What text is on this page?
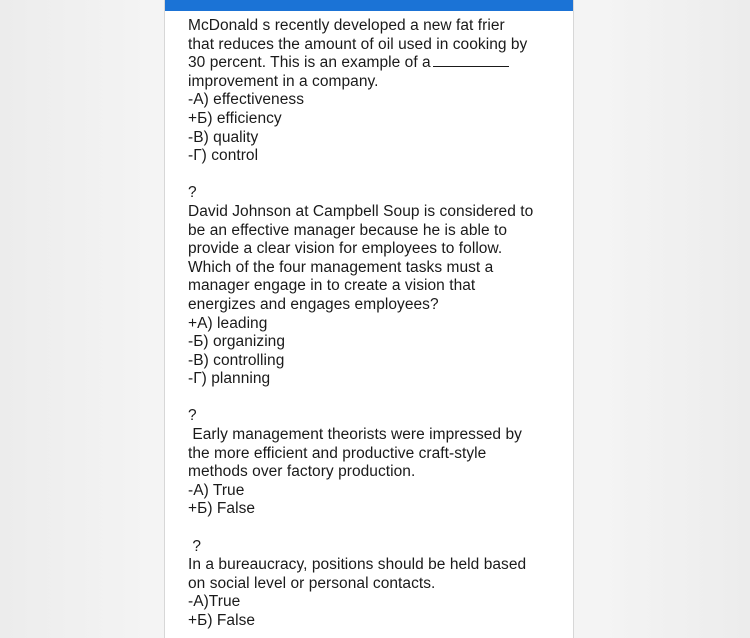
McDonald s recently developed a new fat frier
that reduces the amount of oil used in cooking by
30 percent. This is an example of a
improvement in a company.
-A) effectiveness
+Б) efficiency
-В) quality
-Г) control
?
David Johnson at Campbell Soup is considered to
be an effective manager because he is able to
provide a clear vision for employees to follow.
Which of the four management tasks must a
manager engage in to create a vision that
energizes and engages employees?
+A) leading
-Б) organizing
-В) controlling
-Г) planning
?
Early management theorists were impressed by
the more efficient and productive craft-style
methods over factory production.
-A) True
+Б) False
?
In a bureaucracy, positions should be held based
on social level or personal contacts.
-A)True
+Б) False
